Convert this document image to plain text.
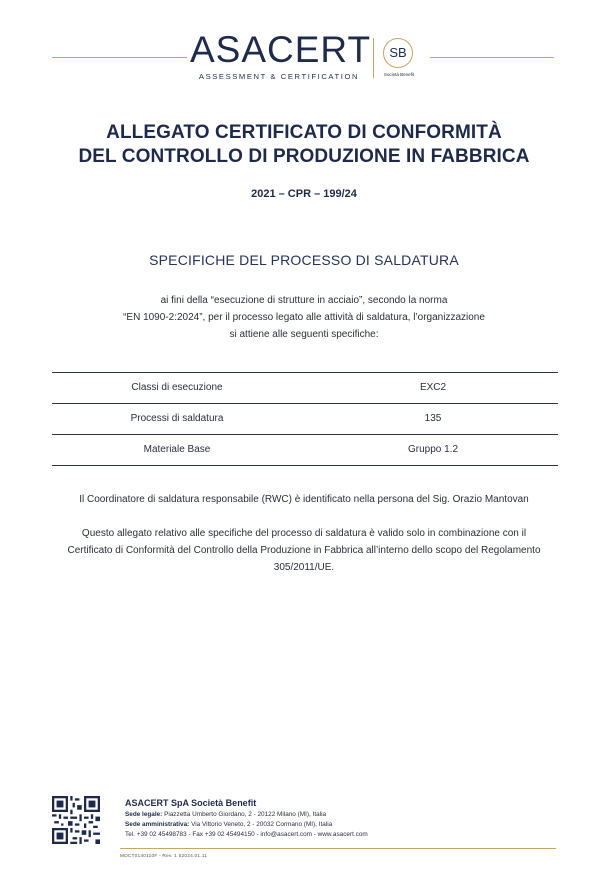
ASACERT
ASSESSMENT & CERTIFICATION
SB
Società Benefit
ALLEGATO CERTIFICATO DI CONFORMITÀ
DEL CONTROLLO DI PRODUZIONE IN FABBRICA
2021 – CPR – 199/24
SPECIFICHE DEL PROCESSO DI SALDATURA
ai fini della “esecuzione di strutture in acciaio”, secondo la norma
“EN 1090-2:2024”, per il processo legato alle attività di saldatura, l’organizzazione
si attiene alle seguenti specifiche:
Classi di esecuzione	EXC2
Processi di saldatura	135
Materiale Base	Gruppo 1.2
Il Coordinatore di saldatura responsabile (RWC) è identificato nella persona del Sig. Orazio Mantovan
Questo allegato relativo alle specifiche del processo di saldatura è valido solo in combinazione con il
Certificato di Conformità del Controllo della Produzione in Fabbrica all’interno dello scopo del Regolamento
305/2011/UE.
ASACERT SpA Società Benefit
Sede legale: Piazzetta Umberto Giordano, 2 - 20122 Milano (MI), Italia
Sede amministrativa: Via Vittorio Veneto, 2 - 20032 Cormano (MI), Italia
Tel. +39 02 45498783 - Fax +39 02 45494150 - info@asacert.com - www.asacert.com
MDCT0140110F - Rev. 1 52024.01.11
